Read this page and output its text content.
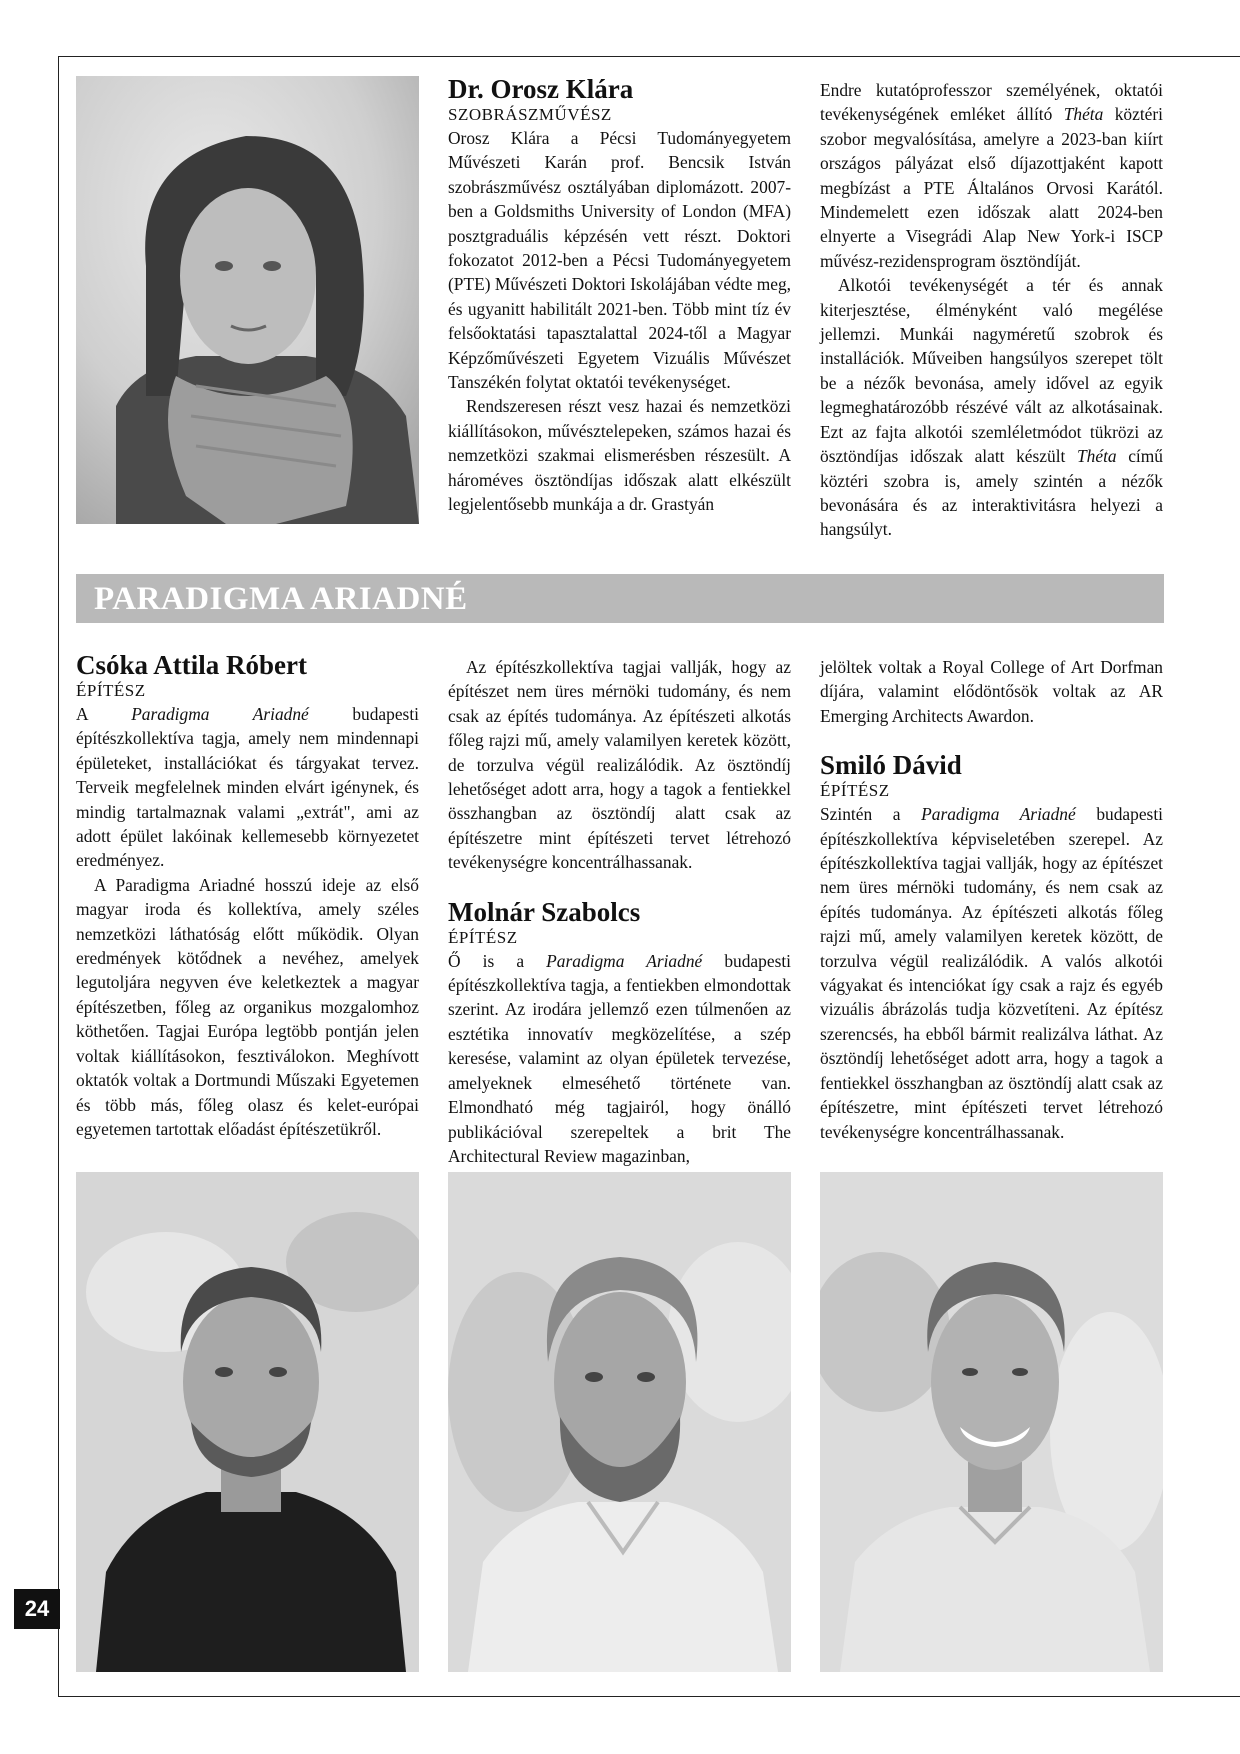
Dr. Orosz Klára

SZOBRÁSZMŰVÉSZ

Orosz Klára a Pécsi Tudományegyetem Művészeti Karán prof. Bencsik István szobrászművész osztályában diplomázott. 2007-ben a Goldsmiths University of London (MFA) posztgraduális képzésén vett részt. Doktori fokozatot 2012-ben a Pécsi Tudományegyetem (PTE) Művészeti Doktori Iskolájában védte meg, és ugyanitt habilitált 2021-ben. Több mint tíz év felsőoktatási tapasztalattal 2024-től a Magyar Képzőművészeti Egyetem Vizuális Művészet Tanszékén folytat oktatói tevékenységet.

Rendszeresen részt vesz hazai és nemzetközi kiállításokon, művésztelepeken, számos hazai és nemzetközi szakmai elismerésben részesült. A hároméves ösztöndíjas időszak alatt elkészült legjelentősebb munkája a dr. Grastyán

Endre kutatóprofesszor személyének, oktatói tevékenységének emléket állító Théta köztéri szobor megvalósítása, amelyre a 2023-ban kiírt országos pályázat első díjazottjaként kapott megbízást a PTE Általános Orvosi Karától. Mindemelett ezen időszak alatt 2024-ben elnyerte a Visegrádi Alap New York-i ISCP művész-rezidensprogram ösztöndíját.

Alkotói tevékenységét a tér és annak kiterjesztése, élményként való megélése jellemzi. Munkái nagyméretű szobrok és installációk. Műveiben hangsúlyos szerepet tölt be a nézők bevonása, amely idővel az egyik legmeghatározóbb részévé vált az alkotásainak. Ezt az fajta alkotói szemléletmódot tükrözi az ösztöndíjas időszak alatt készült Théta című köztéri szobra is, amely szintén a nézők bevonására és az interaktivitásra helyezi a hangsúlyt.

PARADIGMA ARIADNÉ

Csóka Attila Róbert

ÉPÍTÉSZ

A Paradigma Ariadné budapesti építészkollektíva tagja, amely nem mindennapi épületeket, installációkat és tárgyakat tervez. Terveik megfelelnek minden elvárt igénynek, és mindig tartalmaznak valami „extrát", ami az adott épület lakóinak kellemesebb környezetet eredményez.

A Paradigma Ariadné hosszú ideje az első magyar iroda és kollektíva, amely széles nemzetközi láthatóság előtt működik. Olyan eredmények kötődnek a nevéhez, amelyek legutoljára negyven éve keletkeztek a magyar építészetben, főleg az organikus mozgalomhoz köthetően. Tagjai Európa legtöbb pontján jelen voltak kiállításokon, fesztiválokon. Meghívott oktatók voltak a Dortmundi Műszaki Egyetemen és több más, főleg olasz és kelet-európai egyetemen tartottak előadást építészetükről.

Az építészkollektíva tagjai vallják, hogy az építészet nem üres mérnöki tudomány, és nem csak az építés tudománya. Az építészeti alkotás főleg rajzi mű, amely valamilyen keretek között, de torzulva végül realizálódik. Az ösztöndíj lehetőséget adott arra, hogy a tagok a fentiekkel összhangban az ösztöndíj alatt csak az építészetre mint építészeti tervet létrehozó tevékenységre koncentrálhassanak.

Molnár Szabolcs

ÉPÍTÉSZ

Ő is a Paradigma Ariadné budapesti építészkollektíva tagja, a fentiekben elmondottak szerint. Az irodára jellemző ezen túlmenően az esztétika innovatív megközelítése, a szép keresése, valamint az olyan épületek tervezése, amelyeknek elmeséhető története van. Elmondható még tagjairól, hogy önálló publikációval szerepeltek a brit The Architectural Review magazinban,

jelöltek voltak a Royal College of Art Dorfman díjára, valamint elődöntősök voltak az AR Emerging Architects Awardon.

Smiló Dávid

ÉPÍTÉSZ

Szintén a Paradigma Ariadné budapesti építészkollektíva képviseletében szerepel. Az építészkollektíva tagjai vallják, hogy az építészet nem üres mérnöki tudomány, és nem csak az építés tudománya. Az építészeti alkotás főleg rajzi mű, amely valamilyen keretek között, de torzulva végül realizálódik. A valós alkotói vágyakat és intenciókat így csak a rajz és egyéb vizuális ábrázolás tudja közvetíteni. Az építész szerencsés, ha ebből bármit realizálva láthat. Az ösztöndíj lehetőséget adott arra, hogy a tagok a fentiekkel összhangban az ösztöndíj alatt csak az építészetre, mint építészeti tervet létrehozó tevékenységre koncentrálhassanak.

24
